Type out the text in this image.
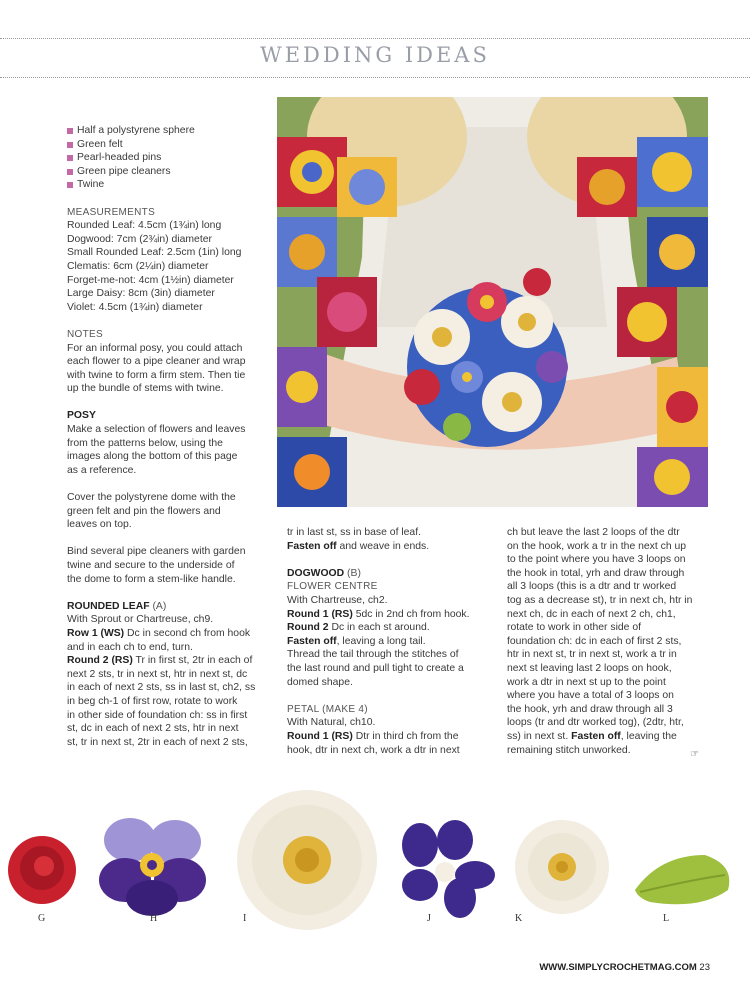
WEDDING IDEAS
Half a polystyrene sphere
Green felt
Pearl-headed pins
Green pipe cleaners
Twine

MEASUREMENTS

Rounded Leaf: 4.5cm (1¾in) long

Dogwood: 7cm (2¾in) diameter

Small Rounded Leaf: 2.5cm (1in) long

Clematis: 6cm (2¼in) diameter

Forget-me-not: 4cm (1½in) diameter

Large Daisy: 8cm (3in) diameter

Violet: 4.5cm (1¾in) diameter

NOTES

For an informal posy, you could attach

each flower to a pipe cleaner and wrap

with twine to form a firm stem. Then tie

up the bundle of stems with twine.

POSY

Make a selection of flowers and leaves

from the patterns below, using the

images along the bottom of this page

as a reference.

Cover the polystyrene dome with the

green felt and pin the flowers and

leaves on top.

Bind several pipe cleaners with garden

twine and secure to the underside of

the dome to form a stem-like handle.

ROUNDED LEAF (A)

With Sprout or Chartreuse, ch9.

Row 1 (WS) Dc in second ch from hook

and in each ch to end, turn.

Round 2 (RS) Tr in first st, 2tr in each of

next 2 sts, tr in next st, htr in next st, dc

in each of next 2 sts, ss in last st, ch2, ss

in beg ch-1 of first row, rotate to work

in other side of foundation ch: ss in first

st, dc in each of next 2 sts, htr in next

st, tr in next st, 2tr in each of next 2 sts,

tr in last st, ss in base of leaf.

Fasten off and weave in ends.

DOGWOOD (B)

FLOWER CENTRE

With Chartreuse, ch2.

Round 1 (RS) 5dc in 2nd ch from hook.

Round 2 Dc in each st around.

Fasten off, leaving a long tail.

Thread the tail through the stitches of

the last round and pull tight to create a

domed shape.

PETAL (MAKE 4)

With Natural, ch10.

Round 1 (RS) Dtr in third ch from the

hook, dtr in next ch, work a dtr in next

ch but leave the last 2 loops of the dtr

on the hook, work a tr in the next ch up

to the point where you have 3 loops on

the hook in total, yrh and draw through

all 3 loops (this is a dtr and tr worked

tog as a decrease st), tr in next ch, htr in

next ch, dc in each of next 2 ch, ch1,

rotate to work in other side of

foundation ch: dc in each of first 2 sts,

htr in next st, tr in next st, work a tr in

next st leaving last 2 loops on hook,

work a dtr in next st up to the point

where you have a total of 3 loops on

the hook, yrh and draw through all 3

loops (tr and dtr worked tog), (2dtr, htr,

ss) in next st. Fasten off, leaving the

remaining stitch unworked.	☞
G	H	I	J	K	L
WWW.SIMPLYCROCHETMAG.COM 23
